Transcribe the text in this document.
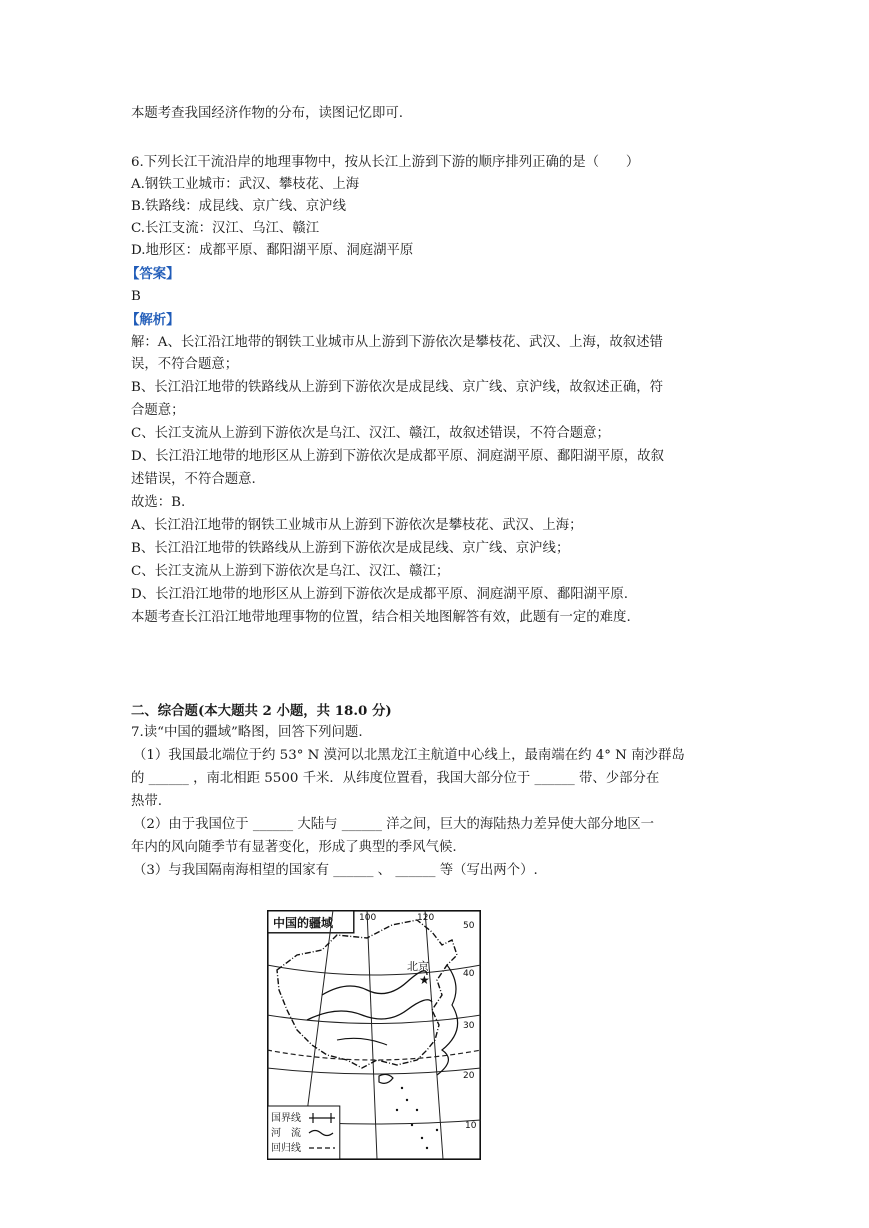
本题考查我国经济作物的分布，读图记忆即可.
6.下列长江干流沿岸的地理事物中，按从长江上游到下游的顺序排列正确的是（　　）
A.钢铁工业城市：武汉、攀枝花、上海
B.铁路线：成昆线、京广线、京沪线
C.长江支流：汉江、乌江、赣江
D.地形区：成都平原、鄱阳湖平原、洞庭湖平原
【答案】
B
【解析】
解：A、长江沿江地带的钢铁工业城市从上游到下游依次是攀枝花、武汉、上海，故叙述错
误，不符合题意；
B、长江沿江地带的铁路线从上游到下游依次是成昆线、京广线、京沪线，故叙述正确，符
合题意；
C、长江支流从上游到下游依次是乌江、汉江、赣江，故叙述错误，不符合题意；
D、长江沿江地带的地形区从上游到下游依次是成都平原、洞庭湖平原、鄱阳湖平原，故叙
述错误，不符合题意.
故选：B.
A、长江沿江地带的钢铁工业城市从上游到下游依次是攀枝花、武汉、上海；
B、长江沿江地带的铁路线从上游到下游依次是成昆线、京广线、京沪线；
C、长江支流从上游到下游依次是乌江、汉江、赣江；
D、长江沿江地带的地形区从上游到下游依次是成都平原、洞庭湖平原、鄱阳湖平原.
本题考查长江沿江地带地理事物的位置，结合相关地图解答有效，此题有一定的难度.
二、综合题(本大题共 2 小题，共 18.0 分)
7.读“中国的疆域”略图，回答下列问题.
（1）我国最北端位于约 53° N 漠河以北黑龙江主航道中心线上，最南端在约 4° N 南沙群岛
的 ______ ，南北相距 5500 千米．从纬度位置看，我国大部分位于 ______ 带、少部分在
热带.
（2）由于我国位于 ______ 大陆与 ______ 洋之间，巨大的海陆热力差异使大部分地区一
年内的风向随季节有显著变化，形成了典型的季风气候.
（3）与我国隔南海相望的国家有 ______ 、 ______ 等（写出两个）.
中国的疆域
北京
★
100	120
50
40
30
20
10
国界线
河　流
回归线
